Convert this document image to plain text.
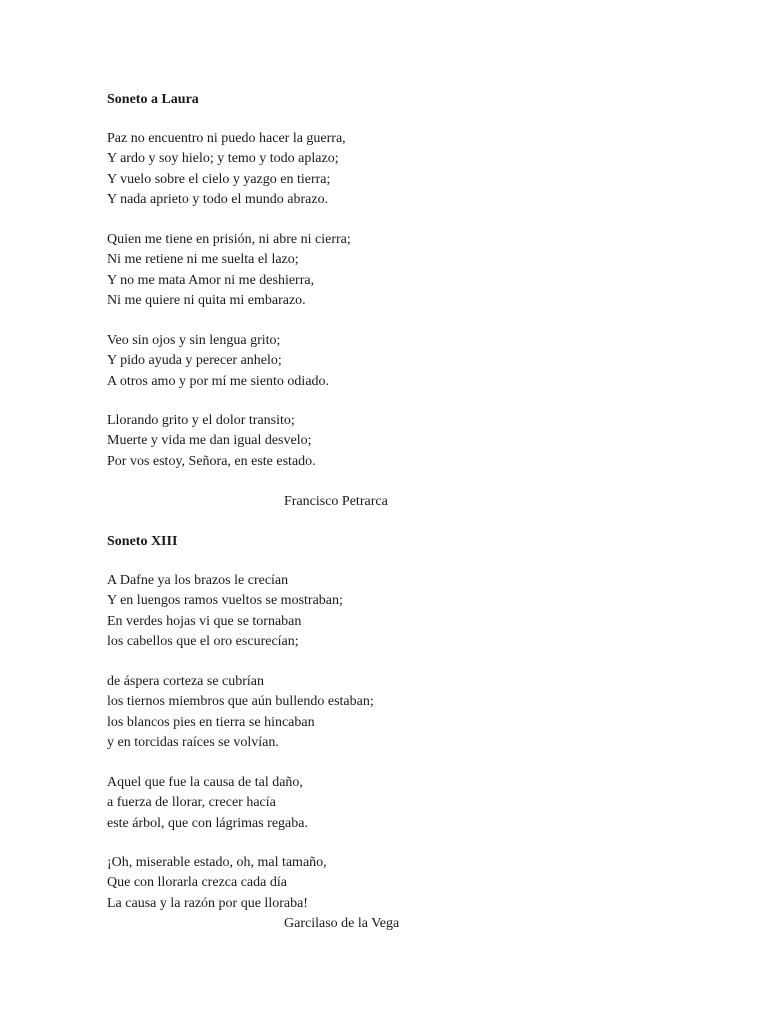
Soneto a Laura

Paz no encuentro ni puedo hacer la guerra,
Y ardo y soy hielo; y temo y todo aplazo;
Y vuelo sobre el cielo y yazgo en tierra;
Y nada aprieto y todo el mundo abrazo.

Quien me tiene en prisión, ni abre ni cierra;
Ni me retiene ni me suelta el lazo;
Y no me mata Amor ni me deshierra,
Ni me quiere ni quita mi embarazo.

Veo sin ojos y sin lengua grito;
Y pido ayuda y perecer anhelo;
A otros amo y por mí me siento odiado.

Llorando grito y el dolor transito;
Muerte y vida me dan igual desvelo;
Por vos estoy, Señora, en este estado.

Francisco Petrarca

Soneto XIII

A Dafne ya los brazos le crecían
Y en luengos ramos vueltos se mostraban;
En verdes hojas vi que se tornaban
los cabellos que el oro escurecían;

de áspera corteza se cubrían
los tiernos miembros que aún bullendo estaban;
los blancos pies en tierra se hincaban
y en torcidas raíces se volvían.

Aquel que fue la causa de tal daño,
a fuerza de llorar, crecer hacía
este árbol, que con lágrimas regaba.

¡Oh, miserable estado, oh, mal tamaño,
Que con llorarla crezca cada día
La causa y la razón por que lloraba!

Garcilaso de la Vega
